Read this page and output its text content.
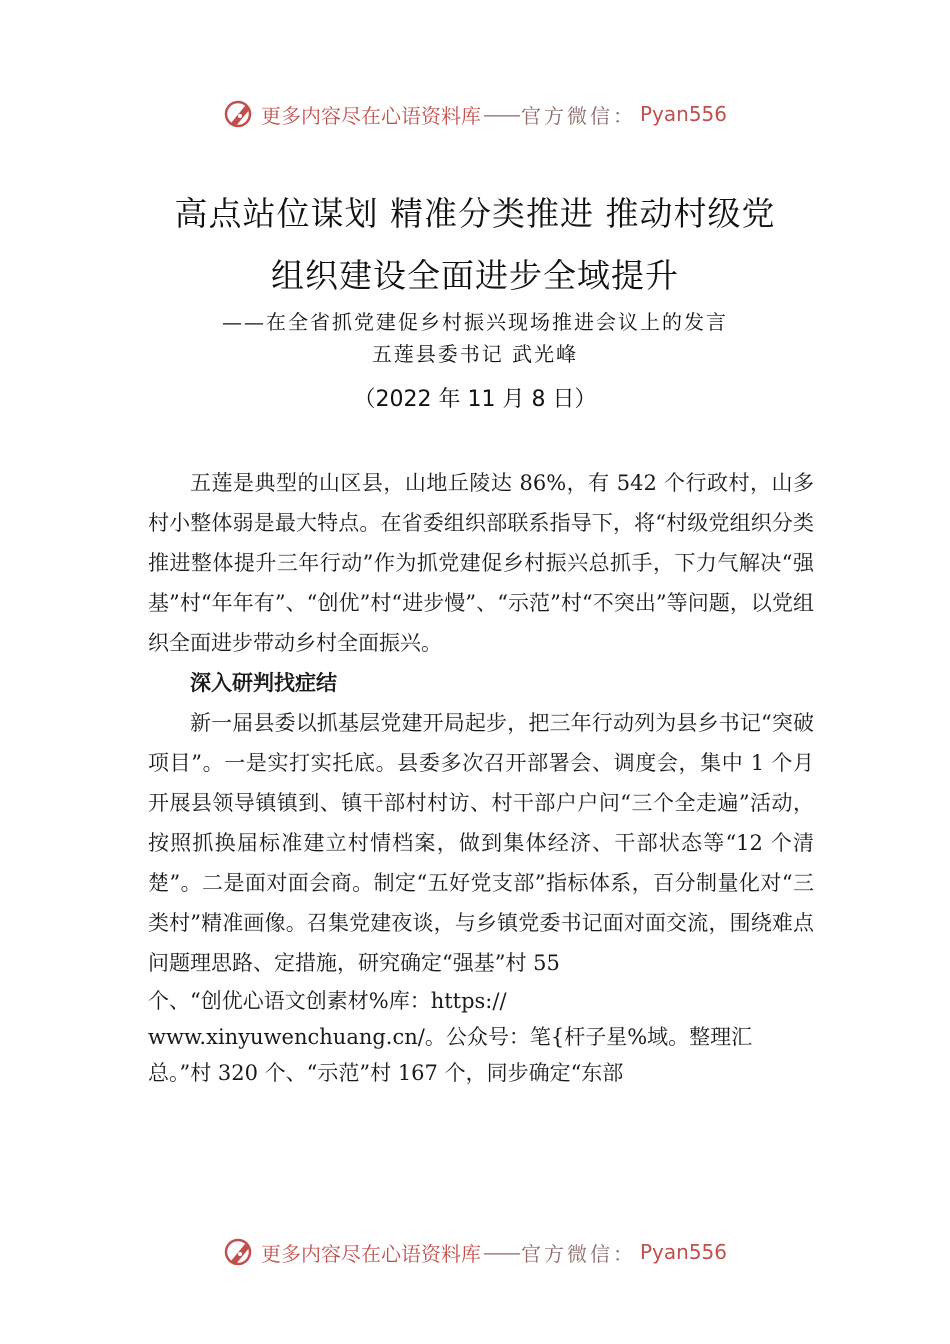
更多内容尽在心语资料库 —— 官方微信： Pyan556
高点站位谋划 精准分类推进 推动村级党
组织建设全面进步全域提升
——在全省抓党建促乡村振兴现场推进会议上的发言
五莲县委书记 武光峰
（2022 年 11 月 8 日）

五莲是典型的山区县，山地丘陵达 86%，有 542 个行政村，山多村小整体弱是最大特点。在省委组织部联系指导下，将“村级党组织分类推进整体提升三年行动”作为抓党建促乡村振兴总抓手，下力气解决“强基”村“年年有”、“创优”村“进步慢”、“示范”村“不突出”等问题，以党组织全面进步带动乡村全面振兴。

深入研判找症结

新一届县委以抓基层党建开局起步，把三年行动列为县乡书记“突破项目”。一是实打实托底。县委多次召开部署会、调度会，集中 1 个月开展县领导镇镇到、镇干部村村访、村干部户户问“三个全走遍”活动，按照抓换届标准建立村情档案，做到集体经济、干部状态等“12 个清楚”。二是面对面会商。制定“五好党支部”指标体系，百分制量化对“三类村”精准画像。召集党建夜谈，与乡镇党委书记面对面交流，围绕难点问题理思路、定措施，研究确定“强基”村 55

个、“创优心语文创素材%库：https://

www.xinyuwenchuang.cn/。公众号：笔{杆子星%域。整理汇

总。”村 320 个、“示范”村 167 个，同步确定“东部

更多内容尽在心语资料库 —— 官方微信： Pyan556
